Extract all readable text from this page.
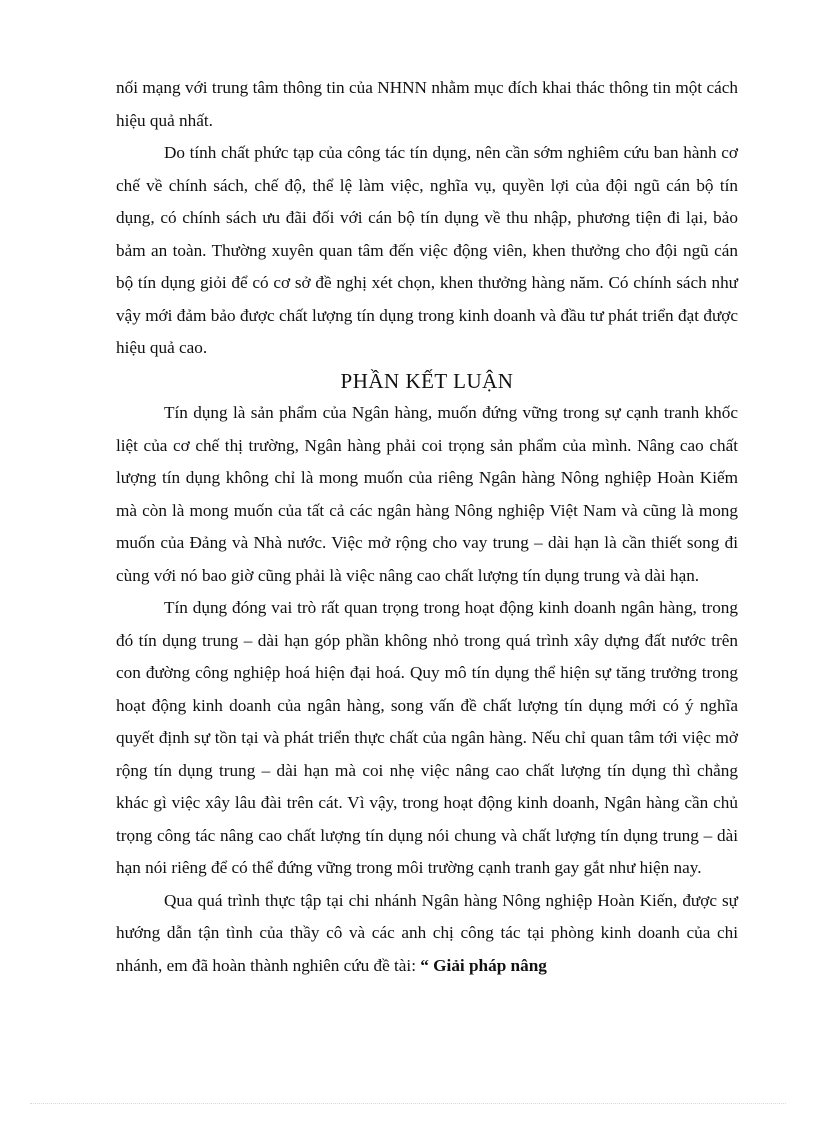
nối mạng với trung tâm thông tin của NHNN nhằm mục đích khai thác thông tin một cách hiệu quả nhất.

Do tính chất phức tạp của công tác tín dụng, nên cần sớm nghiêm cứu ban hành cơ chế về chính sách, chế độ, thể lệ làm việc, nghĩa vụ, quyền lợi của đội ngũ cán bộ tín dụng, có chính sách ưu đãi đối với cán bộ tín dụng về thu nhập, phương tiện đi lại, bảo bảm an toàn. Thường xuyên quan tâm đến việc động viên, khen thưởng cho đội ngũ cán bộ tín dụng giỏi để có cơ sở đề nghị xét chọn, khen thưởng hàng năm. Có chính sách như vậy mới đảm bảo được chất lượng tín dụng trong kinh doanh và đầu tư phát triển đạt được hiệu quả cao.

PHẦN KẾT LUẬN

Tín dụng là sản phẩm của Ngân hàng, muốn đứng vững trong sự cạnh tranh khốc liệt của cơ chế thị trường, Ngân hàng phải coi trọng sản phẩm của mình. Nâng cao chất lượng tín dụng không chỉ là mong muốn của riêng Ngân hàng Nông nghiệp Hoàn Kiếm mà còn là mong muốn của tất cả các ngân hàng Nông nghiệp Việt Nam và cũng là mong muốn của Đảng và Nhà nước. Việc mở rộng cho vay trung – dài hạn là cần thiết song đi cùng với nó bao giờ cũng phải là việc nâng cao chất lượng tín dụng trung và dài hạn.

Tín dụng đóng vai trò rất quan trọng trong hoạt động kinh doanh ngân hàng, trong đó tín dụng trung – dài hạn góp phần không nhỏ trong quá trình xây dựng đất nước trên con đường công nghiệp hoá hiện đại hoá. Quy mô tín dụng thể hiện sự tăng trưởng trong hoạt động kinh doanh của ngân hàng, song vấn đề chất lượng tín dụng mới có ý nghĩa quyết định sự tồn tại và phát triển thực chất của ngân hàng. Nếu chỉ quan tâm tới việc mở rộng tín dụng trung – dài hạn mà coi nhẹ việc nâng cao chất lượng tín dụng thì chẳng khác gì việc xây lâu đài trên cát. Vì vậy, trong hoạt động kinh doanh, Ngân hàng cần chủ trọng công tác nâng cao chất lượng tín dụng nói chung và chất lượng tín dụng trung – dài hạn nói riêng để có thể đứng vững trong môi trường cạnh tranh gay gắt như hiện nay.

Qua quá trình thực tập tại chi nhánh Ngân hàng Nông nghiệp Hoàn Kiến, được sự hướng dẫn tận tình của thầy cô và các anh chị công tác tại phòng kinh doanh của chi nhánh, em đã hoàn thành nghiên cứu đề tài: “ Giải pháp nâng
